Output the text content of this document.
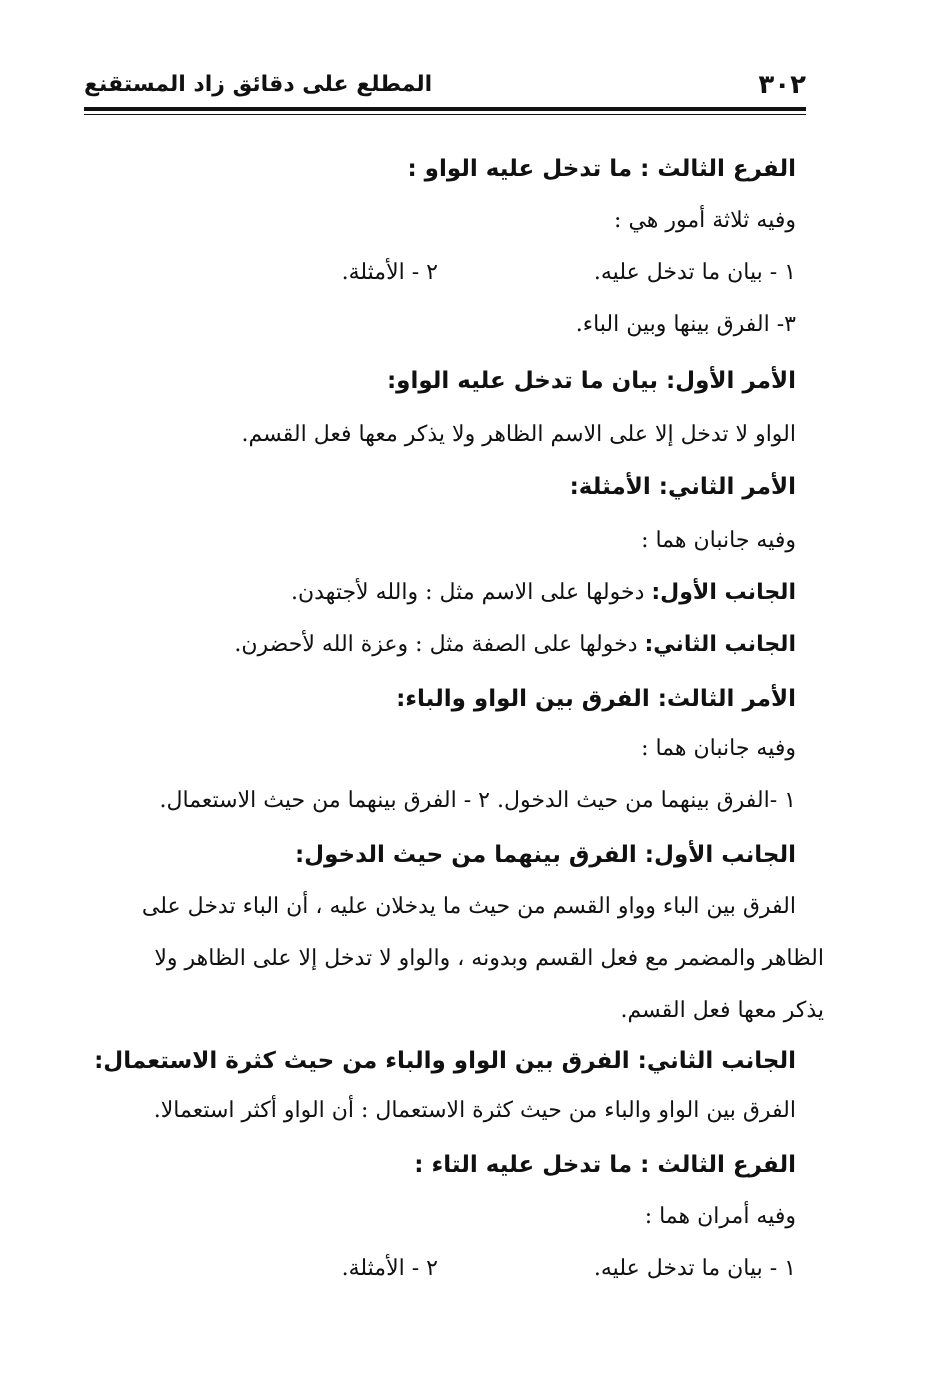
٣٠٢
المطلع على دقائق زاد المستقنع
الفرع الثالث : ما تدخل عليه الواو :
وفيه ثلاثة أمور هي :
١ - بيان ما تدخل عليه.
٢ - الأمثلة.
٣- الفرق بينها وبين الباء.
الأمر الأول: بيان ما تدخل عليه الواو:
الواو لا تدخل إلا على الاسم الظاهر ولا يذكر معها فعل القسم.
الأمر الثاني: الأمثلة:
وفيه جانبان هما :
الجانب الأول: دخولها على الاسم مثل : والله لأجتهدن.
الجانب الثاني: دخولها على الصفة مثل : وعزة الله لأحضرن.
الأمر الثالث: الفرق بين الواو والباء:
وفيه جانبان هما :
١ -الفرق بينهما من حيث الدخول. ٢ - الفرق بينهما من حيث الاستعمال.
الجانب الأول: الفرق بينهما من حيث الدخول:
الفرق بين الباء وواو القسم من حيث ما يدخلان عليه ، أن الباء تدخل على
الظاهر والمضمر مع فعل القسم وبدونه ، والواو لا تدخل إلا على الظاهر ولا
يذكر معها فعل القسم.
الجانب الثاني: الفرق بين الواو والباء من حيث كثرة الاستعمال:
الفرق بين الواو والباء من حيث كثرة الاستعمال : أن الواو أكثر استعمالا.
الفرع الثالث : ما تدخل عليه التاء :
وفيه أمران هما :
١ - بيان ما تدخل عليه.
٢ - الأمثلة.
